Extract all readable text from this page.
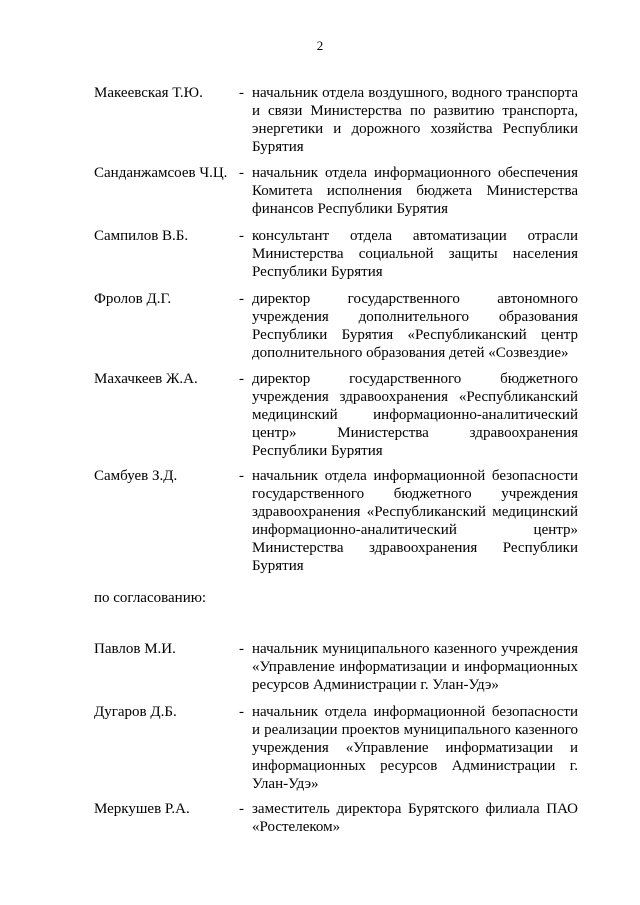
2
Макеевская Т.Ю.	- начальник отдела воздушного, водного транспорта и связи Министерства по развитию транспорта, энергетики и дорожного хозяйства Республики Бурятия
Санданжамсоев Ч.Ц. - начальник отдела информационного обеспечения Комитета исполнения бюджета Министерства финансов Республики Бурятия
Сампилов В.Б.	- консультант отдела автоматизации отрасли Министерства социальной защиты населения Республики Бурятия
Фролов Д.Г.	- директор государственного автономного учреждения дополнительного образования Республики Бурятия «Республиканский центр дополнительного образования детей «Созвездие»
Махачкеев Ж.А.	- директор государственного бюджетного учреждения здравоохранения «Республиканский медицинский информационно-аналитический центр» Министерства здравоохранения Республики Бурятия
Самбуев З.Д.	- начальник отдела информационной безопасности государственного бюджетного учреждения здравоохранения «Республиканский медицинский информационно-аналитический центр» Министерства здравоохранения Республики Бурятия
по согласованию:
Павлов М.И.	- начальник муниципального казенного учреждения «Управление информатизации и информационных ресурсов Администрации г. Улан-Удэ»
Дугаров Д.Б.	- начальник отдела информационной безопасности и реализации проектов муниципального казенного учреждения «Управление информатизации и информационных ресурсов Администрации г. Улан-Удэ»
Меркушев Р.А.	- заместитель директора Бурятского филиала ПАО «Ростелеком»
